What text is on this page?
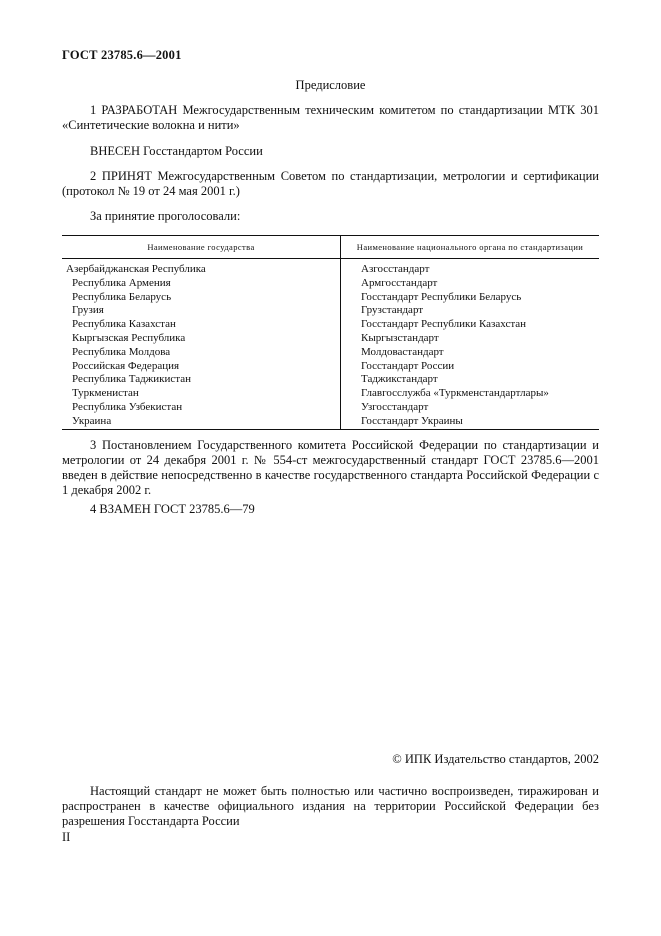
ГОСТ 23785.6—2001
Предисловие
1 РАЗРАБОТАН Межгосударственным техническим комитетом по стандартизации МТК 301 «Синтетические волокна и нити»
ВНЕСЕН Госстандартом России
2 ПРИНЯТ Межгосударственным Советом по стандартизации, метрологии и сертификации (протокол № 19 от 24 мая 2001 г.)
За принятие проголосовали:
Наименование государства	Наименование национального органа по стандартизации
Азербайджанская Республика	Азгосстандарт
Республика Армения	Армгосстандарт
Республика Беларусь	Госстандарт Республики Беларусь
Грузия	Грузстандарт
Республика Казахстан	Госстандарт Республики Казахстан
Кыргызская Республика	Кыргызстандарт
Республика Молдова	Молдовастандарт
Российская Федерация	Госстандарт России
Республика Таджикистан	Таджикстандарт
Туркменистан	Главгосслужба «Туркменстандартлары»
Республика Узбекистан	Узгосстандарт
Украина	Госстандарт Украины
3 Постановлением Государственного комитета Российской Федерации по стандартизации и метрологии от 24 декабря 2001 г. № 554-ст межгосударственный стандарт ГОСТ 23785.6—2001 введен в действие непосредственно в качестве государственного стандарта Российской Федерации с 1 декабря 2002 г.
4 ВЗАМЕН ГОСТ 23785.6—79
© ИПК Издательство стандартов, 2002
Настоящий стандарт не может быть полностью или частично воспроизведен, тиражирован и распространен в качестве официального издания на территории Российской Федерации без разрешения Госстандарта России
II
